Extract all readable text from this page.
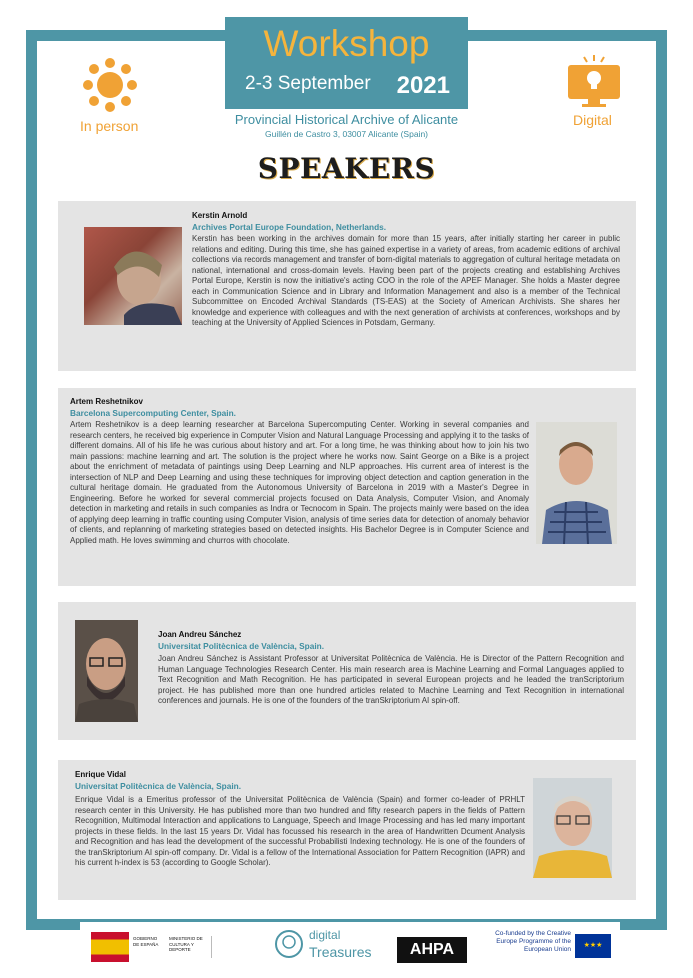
Workshop
2-3 September 2021
Provincial Historical Archive of Alicante
Guillén de Castro 3, 03007 Alicante (Spain)
In person	Digital
SPEAKERS
Kerstin Arnold
Archives Portal Europe Foundation, Netherlands.

Kerstin has been working in the archives domain for more than 15 years, after initially starting her career in public relations and editing. During this time, she has gained expertise in a variety of areas, from academic editions of archival collections via records management and transfer of born-digital materials to aggregation of cultural heritage metadata on national, international and cross-domain levels. Having been part of the projects creating and establishing Archives Portal Europe, Kerstin is now the initiative's acting COO in the role of the APEF Manager. She holds a Master degree each in Communication Science and in Library and Information Management and also is a member of the Technical Subcommittee on Encoded Archival Standards (TS-EAS) at the Society of American Archivists. She shares her knowledge and experience with colleagues and with the next generation of archivists at conferences, workshops and by teaching at the University of Applied Sciences in Potsdam, Germany.

Artem Reshetnikov
Barcelona Supercomputing Center, Spain.

Artem Reshetnikov is a deep learning researcher at Barcelona Supercomputing Center. Working in several companies and research centers, he received big experience in Computer Vision and Natural Language Processing and applying it to the tasks of different domains. All of his life he was curious about history and art. For a long time, he was thinking about how to join his two main passions: machine learning and art. The solution is the project where he works now. Saint George on a Bike is a project about the enrichment of metadata of paintings using Deep Learning and NLP approaches. His current area of interest is the intersection of NLP and Deep Learning and using these techniques for improving object detection and caption generation in the cultural heritage domain. He graduated from the Autonomous University of Barcelona in 2019 with a Master's Degree in Engineering. Before he worked for several commercial projects focused on Data Analysis, Computer Vision, and Anomaly detection in marketing and retails in such companies as Indra or Tecnocom in Spain. The projects mainly were based on the idea of applying deep learning in traffic counting using Computer Vision, analysis of time series data for detection of anomaly behavior of clients, and replanning of marketing strategies based on detected insights. His Bachelor Degree is in Computer Science and Applied math. He loves swimming and churros with chocolate.

Joan Andreu Sánchez
Universitat Politècnica de València, Spain.

Joan Andreu Sánchez is Assistant Professor at Universitat Politècnica de València. He is Director of the Pattern Recognition and Human Language Technologies Research Center. His main research area is Machine Learning and Formal Languages applied to Text Recognition and Math Recognition. He has participated in several European projects and he leaded the tranScriptorium project. He has published more than one hundred articles related to Machine Learning and Text Recognition in international conferences and journals. He is one of the founders of the tranSkriptorium AI spin-off.

Enrique Vidal
Universitat Politècnica de València, Spain.

Enrique Vidal is a Emeritus professor of the Universitat Politècnica de València (Spain) and former co-leader of PRHLT research center in this University. He has published more than two hundred and fifty research papers in the fields of Pattern Recognition, Multimodal Interaction and applications to Language, Speech and Image Processing and has led many important projects in these fields. In the last 15 years Dr. Vidal has focussed his research in the area of Handwritten Dcument Analysis and Recognition and has lead the development of the successful Probabilisti Indexing technology. He is one of the founders of the tranSkriptorium AI spin-off company. Dr. Vidal is a fellow of the International Association for Pattern Recognition (IAPR) and his current h-index is 53 (according to Google Scholar).

GOBIERNO DE ESPAÑA
MINISTERIO DE CULTURA Y DEPORTE
digital
Treasures	AHPA
Co-funded by the Creative Europe Programme of the European Union
★★★
